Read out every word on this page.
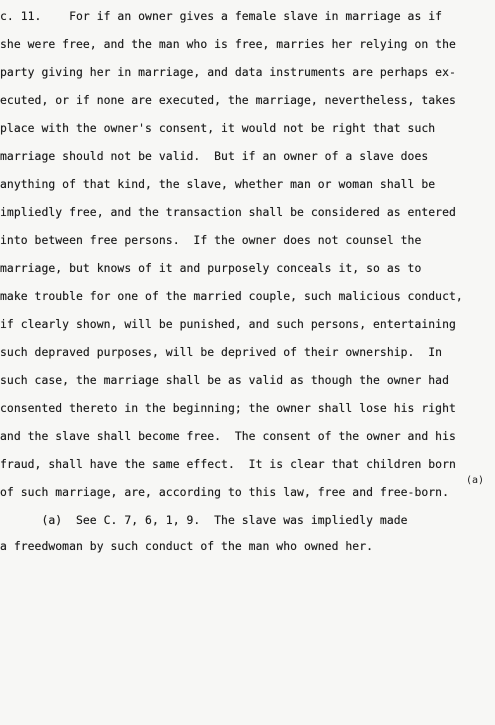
c. 11.    For if an owner gives a female slave in marriage as if

she were free, and the man who is free, marries her relying on the

party giving her in marriage, and data instruments are perhaps ex-

ecuted, or if none are executed, the marriage, nevertheless, takes

place with the owner's consent, it would not be right that such

marriage should not be valid.  But if an owner of a slave does

anything of that kind, the slave, whether man or woman shall be

impliedly free, and the transaction shall be considered as entered

into between free persons.  If the owner does not counsel the

marriage, but knows of it and purposely conceals it, so as to

make trouble for one of the married couple, such malicious conduct,

if clearly shown, will be punished, and such persons, entertaining

such depraved purposes, will be deprived of their ownership.  In

such case, the marriage shall be as valid as though the owner had

consented thereto in the beginning; the owner shall lose his right

and the slave shall become free.  The consent of the owner and his

fraud, shall have the same effect.  It is clear that children born

(a)

of such marriage, are, according to this law, free and free-born.

(a)  See C. 7, 6, 1, 9.  The slave was impliedly made

a freedwoman by such conduct of the man who owned her.
